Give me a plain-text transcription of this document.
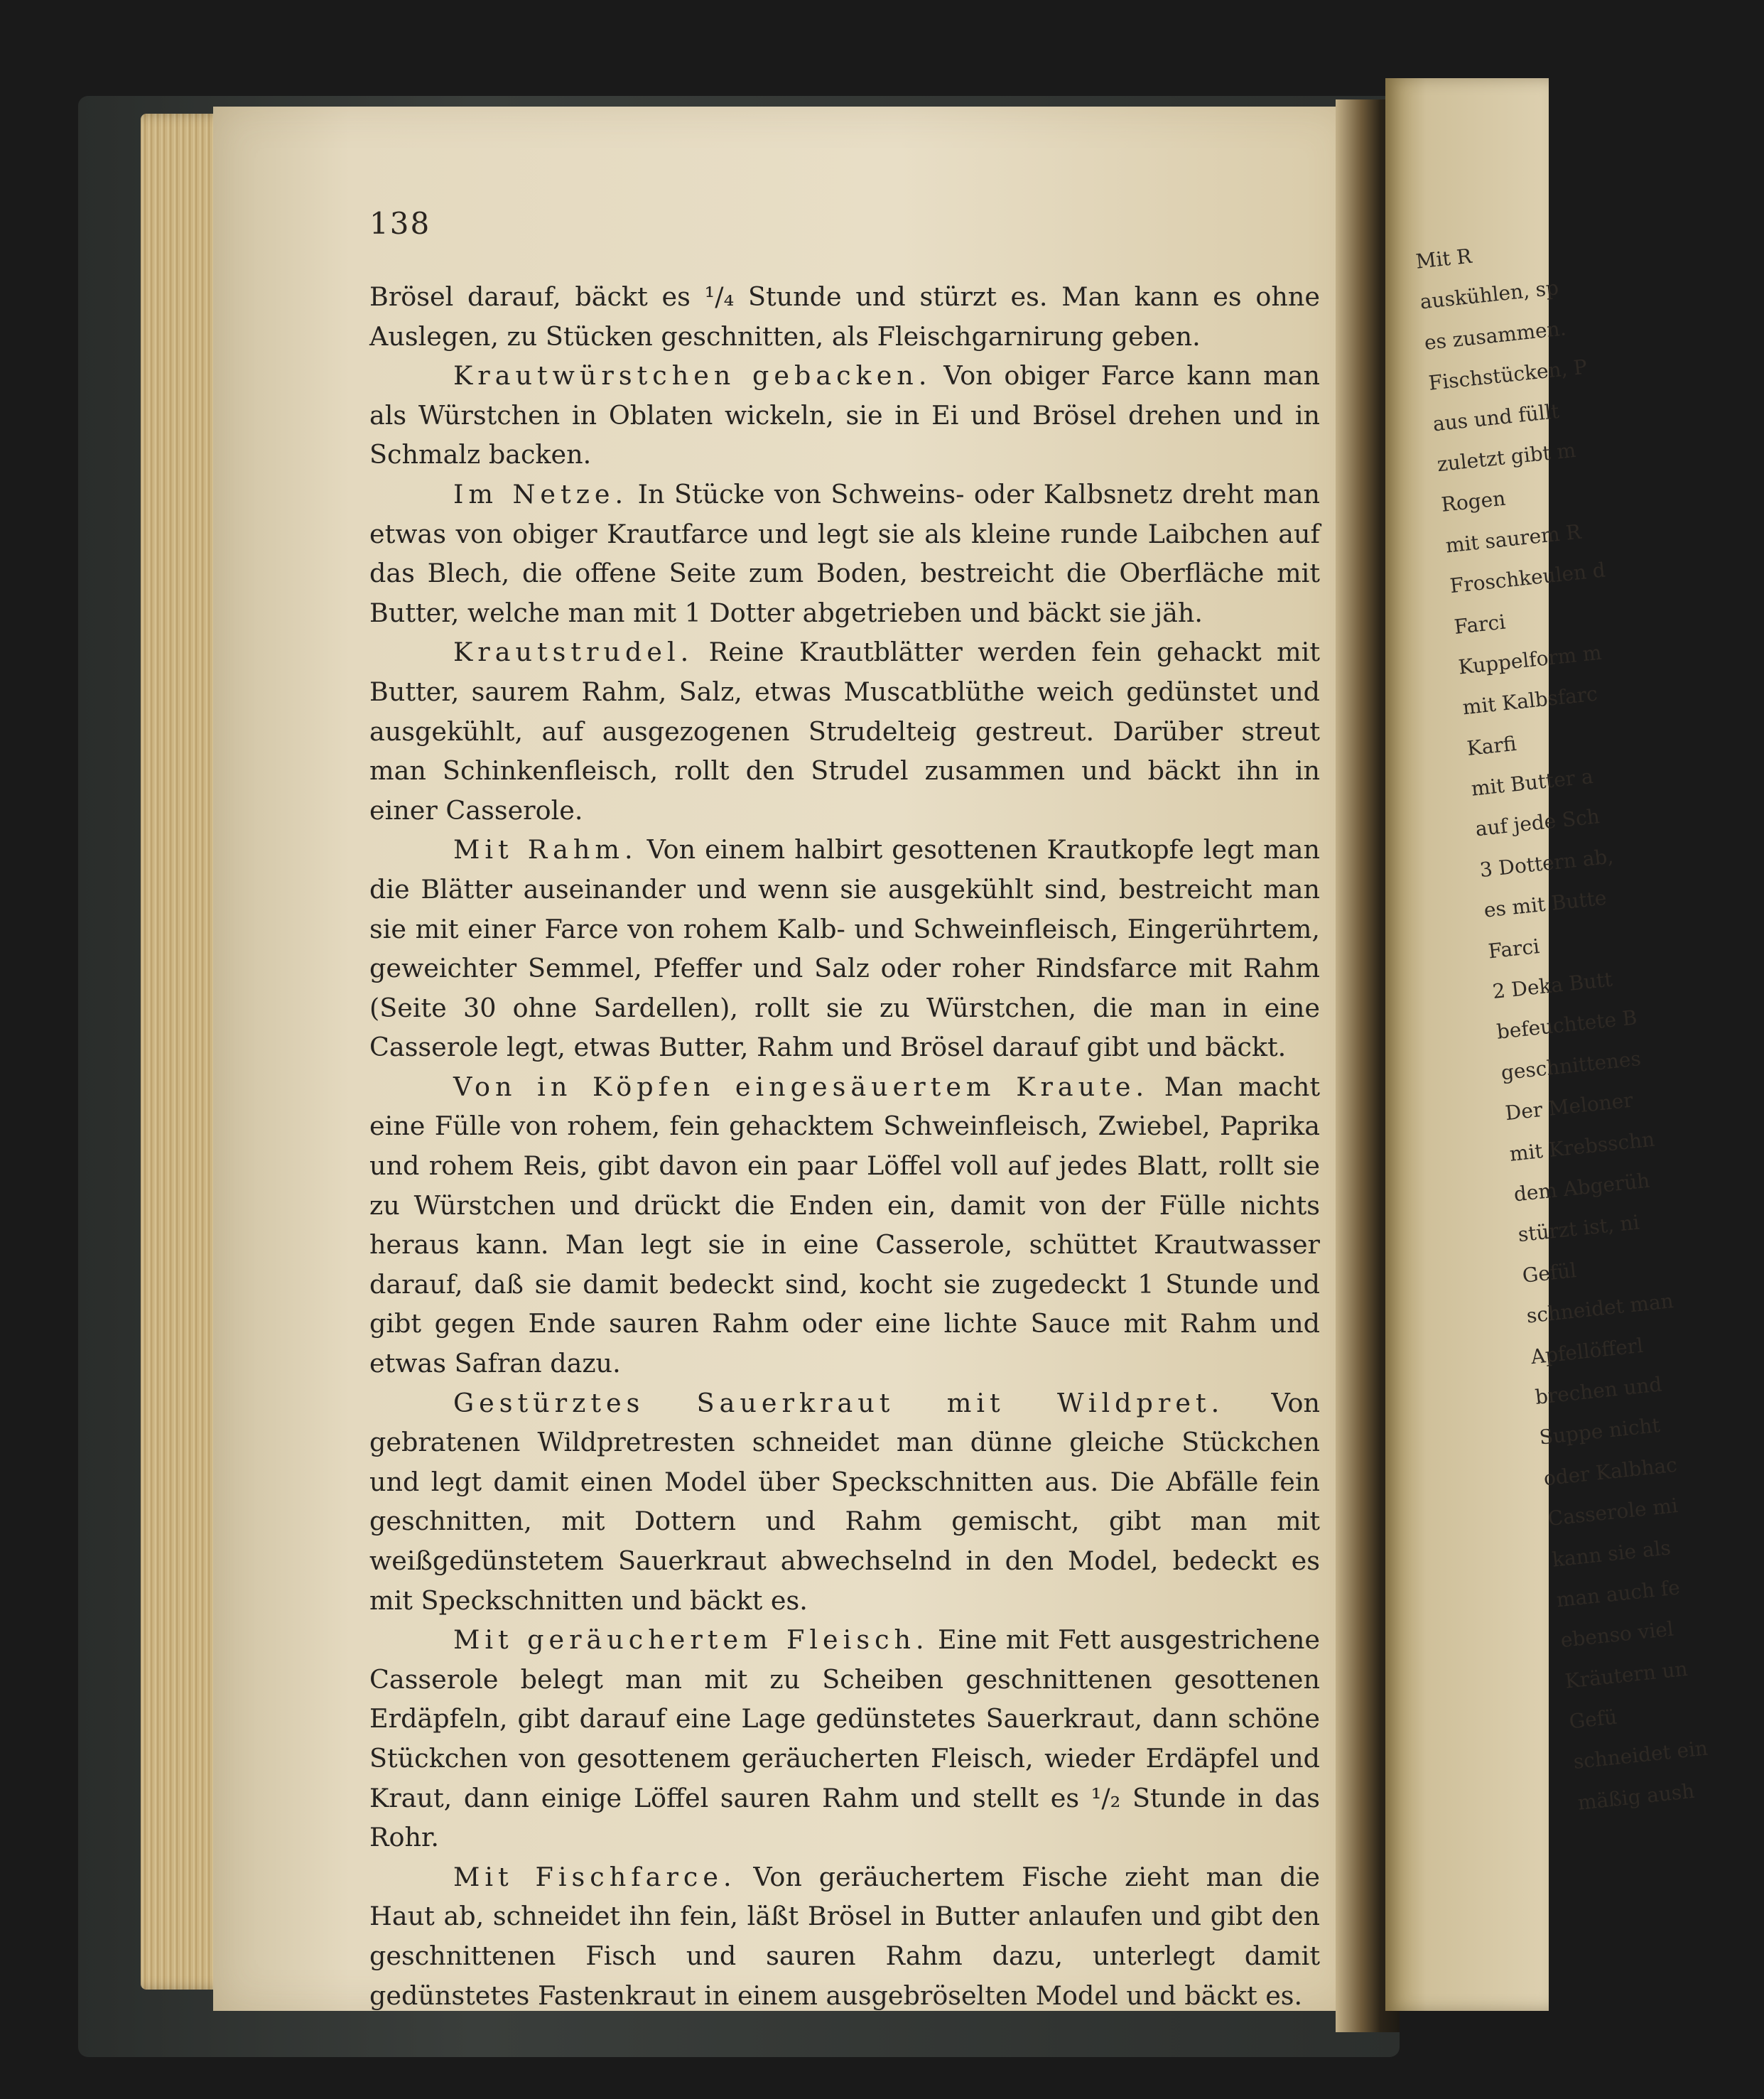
Mit R
auskühlen, sp
es zusammen.
Fischstücken, P
aus und füllt
zuletzt gibt m
Rogen
mit saurem R
Froschkeulen d
Farci
Kuppelform m
mit Kalbsfarc
Karfi
mit Butter a
auf jede Sch
3 Dottern ab,
es mit Butte
Farci
2 Deka Butt
befeuchtete B
geschnittenes
Der Meloner
mit Krebsschn
dem Abgerüh
stürzt ist, ni
Gefül
schneidet man
Apfellöfferl
brechen und
Suppe nicht
oder Kalbhac
Casserole mi
kann sie als
man auch fe
ebenso viel
Kräutern un
Gefü
schneidet ein
mäßig aush
138

Brösel darauf, bäckt es ¹/₄ Stunde und stürzt es. Man kann es ohne Auslegen, zu Stücken geschnitten, als Fleischgarnirung geben.

Krautwürstchen gebacken. Von obiger Farce kann man als Würstchen in Oblaten wickeln, sie in Ei und Brösel drehen und in Schmalz backen.

Im Netze. In Stücke von Schweins- oder Kalbsnetz dreht man etwas von obiger Krautfarce und legt sie als kleine runde Laibchen auf das Blech, die offene Seite zum Boden, bestreicht die Oberfläche mit Butter, welche man mit 1 Dotter abgetrieben und bäckt sie jäh.

Krautstrudel. Reine Krautblätter werden fein gehackt mit Butter, saurem Rahm, Salz, etwas Muscatblüthe weich gedünstet und ausgekühlt, auf ausgezogenen Strudelteig gestreut. Darüber streut man Schinkenfleisch, rollt den Strudel zusammen und bäckt ihn in einer Casserole.

Mit Rahm. Von einem halbirt gesottenen Krautkopfe legt man die Blätter auseinander und wenn sie ausgekühlt sind, bestreicht man sie mit einer Farce von rohem Kalb- und Schweinfleisch, Eingerührtem, geweichter Semmel, Pfeffer und Salz oder roher Rindsfarce mit Rahm (Seite 30 ohne Sardellen), rollt sie zu Würstchen, die man in eine Casserole legt, etwas Butter, Rahm und Brösel darauf gibt und bäckt.

Von in Köpfen eingesäuertem Kraute. Man macht eine Fülle von rohem, fein gehacktem Schweinfleisch, Zwiebel, Paprika und rohem Reis, gibt davon ein paar Löffel voll auf jedes Blatt, rollt sie zu Würstchen und drückt die Enden ein, damit von der Fülle nichts heraus kann. Man legt sie in eine Casserole, schüttet Krautwasser darauf, daß sie damit bedeckt sind, kocht sie zugedeckt 1 Stunde und gibt gegen Ende sauren Rahm oder eine lichte Sauce mit Rahm und etwas Safran dazu.

Gestürztes Sauerkraut mit Wildpret. Von gebratenen Wildpretresten schneidet man dünne gleiche Stückchen und legt damit einen Model über Speckschnitten aus. Die Abfälle fein geschnitten, mit Dottern und Rahm gemischt, gibt man mit weißgedünstetem Sauerkraut abwechselnd in den Model, bedeckt es mit Speckschnitten und bäckt es.

Mit geräuchertem Fleisch. Eine mit Fett ausgestrichene Casserole belegt man mit zu Scheiben geschnittenen gesottenen Erdäpfeln, gibt darauf eine Lage gedünstetes Sauerkraut, dann schöne Stückchen von gesottenem geräucherten Fleisch, wieder Erdäpfel und Kraut, dann einige Löffel sauren Rahm und stellt es ¹/₂ Stunde in das Rohr.

Mit Fischfarce. Von geräuchertem Fische zieht man die Haut ab, schneidet ihn fein, läßt Brösel in Butter anlaufen und gibt den geschnittenen Fisch und sauren Rahm dazu, unterlegt damit gedünstetes Fastenkraut in einem ausgebröselten Model und bäckt es.
